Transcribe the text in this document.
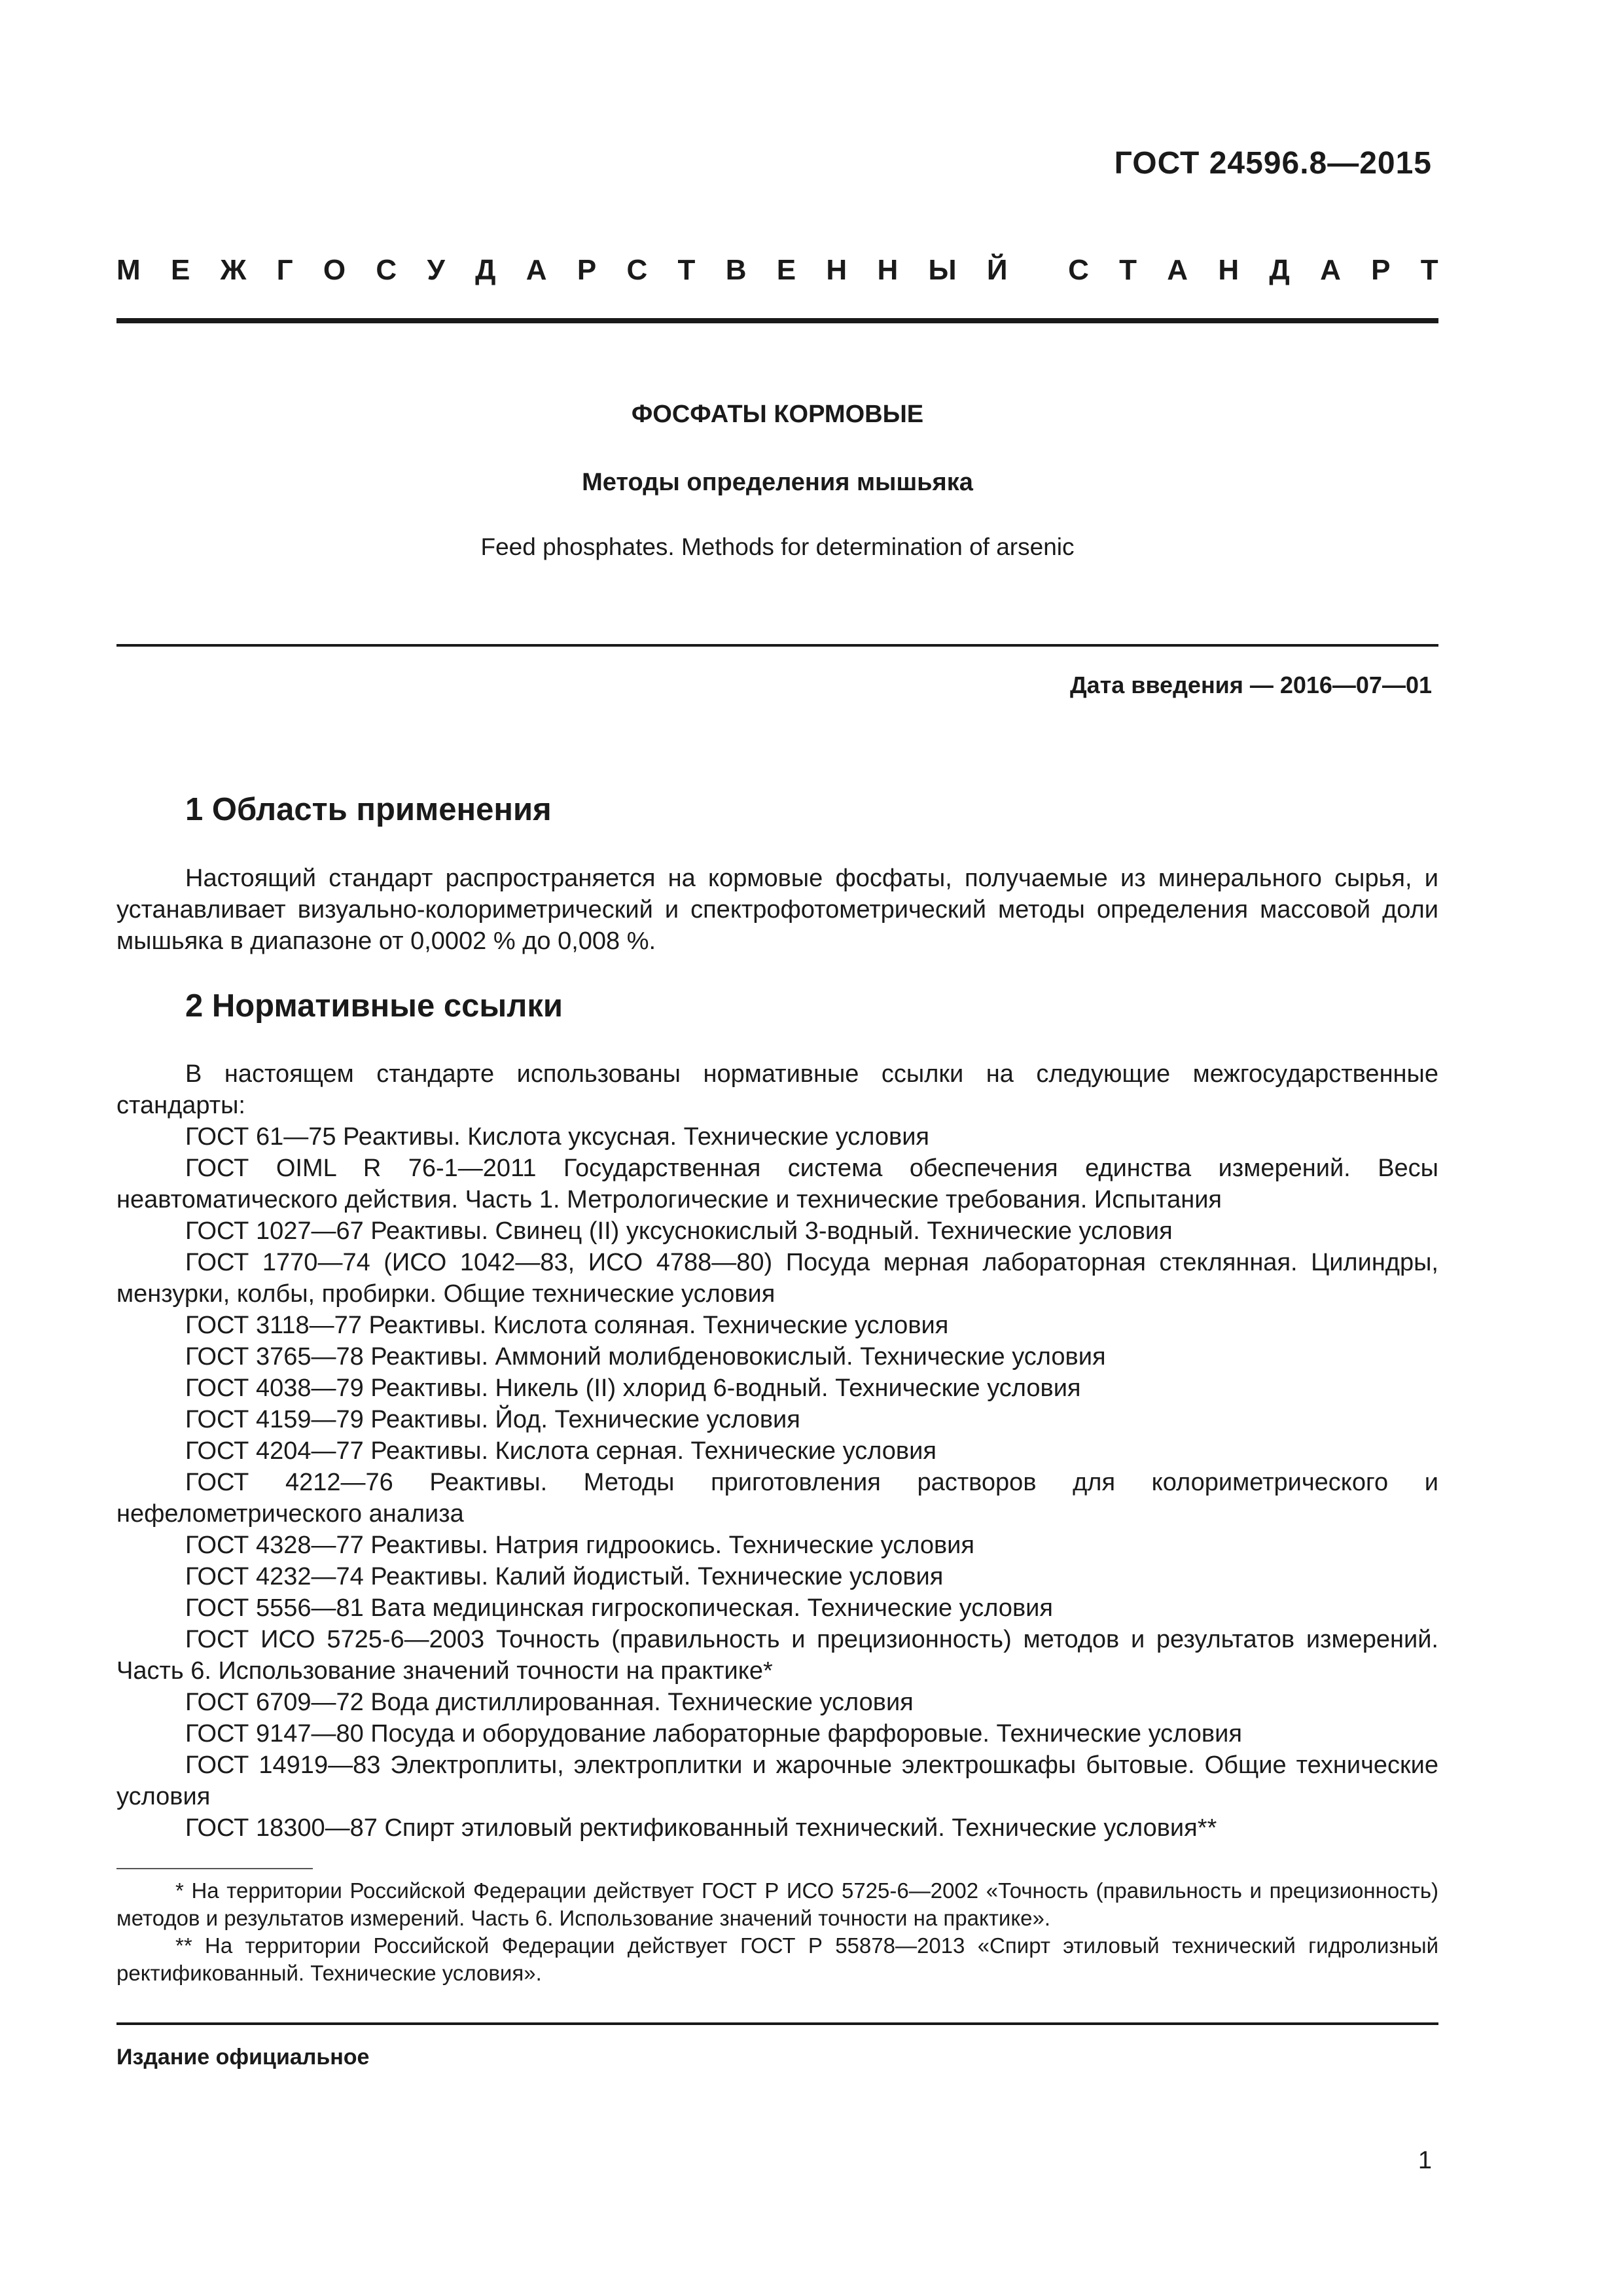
ГОСТ 24596.8—2015
М Е Ж Г О С У Д А Р С Т В Е Н Н Ы Й С Т А Н Д А Р Т
ФОСФАТЫ КОРМОВЫЕ
Методы определения мышьяка
Feed phosphates. Methods for determination of arsenic
Дата введения — 2016—07—01
1 Область применения

Настоящий стандарт распространяется на кормовые фосфаты, получаемые из минерального сырья, и устанавливает визуально-колориметрический и спектрофотометрический методы определения массовой доли мышьяка в диапазоне от 0,0002 % до 0,008 %.

2 Нормативные ссылки

В настоящем стандарте использованы нормативные ссылки на следующие межгосударственные стандарты:

ГОСТ 61—75 Реактивы. Кислота уксусная. Технические условия

ГОСТ OIML R 76-1—2011 Государственная система обеспечения единства измерений. Весы неавтоматического действия. Часть 1. Метрологические и технические требования. Испытания

ГОСТ 1027—67 Реактивы. Свинец (II) уксуснокислый 3-водный. Технические условия

ГОСТ 1770—74 (ИСО 1042—83, ИСО 4788—80) Посуда мерная лабораторная стеклянная. Цилиндры, мензурки, колбы, пробирки. Общие технические условия

ГОСТ 3118—77 Реактивы. Кислота соляная. Технические условия

ГОСТ 3765—78 Реактивы. Аммоний молибденовокислый. Технические условия

ГОСТ 4038—79 Реактивы. Никель (II) хлорид 6-водный. Технические условия

ГОСТ 4159—79 Реактивы. Йод. Технические условия

ГОСТ 4204—77 Реактивы. Кислота серная. Технические условия

ГОСТ 4212—76 Реактивы. Методы приготовления растворов для колориметрического и нефелометрического анализа

ГОСТ 4328—77 Реактивы. Натрия гидроокись. Технические условия

ГОСТ 4232—74 Реактивы. Калий йодистый. Технические условия

ГОСТ 5556—81 Вата медицинская гигроскопическая. Технические условия

ГОСТ ИСО 5725-6—2003 Точность (правильность и прецизионность) методов и результатов измерений. Часть 6. Использование значений точности на практике*

ГОСТ 6709—72 Вода дистиллированная. Технические условия

ГОСТ 9147—80 Посуда и оборудование лабораторные фарфоровые. Технические условия

ГОСТ 14919—83 Электроплиты, электроплитки и жарочные электрошкафы бытовые. Общие технические условия

ГОСТ 18300—87 Спирт этиловый ректификованный технический. Технические условия**

* На территории Российской Федерации действует ГОСТ Р ИСО 5725-6—2002 «Точность (правильность и прецизионность) методов и результатов измерений. Часть 6. Использование значений точности на практике».

** На территории Российской Федерации действует ГОСТ Р 55878—2013 «Спирт этиловый технический гидролизный ректификованный. Технические условия».

Издание официальное
1
